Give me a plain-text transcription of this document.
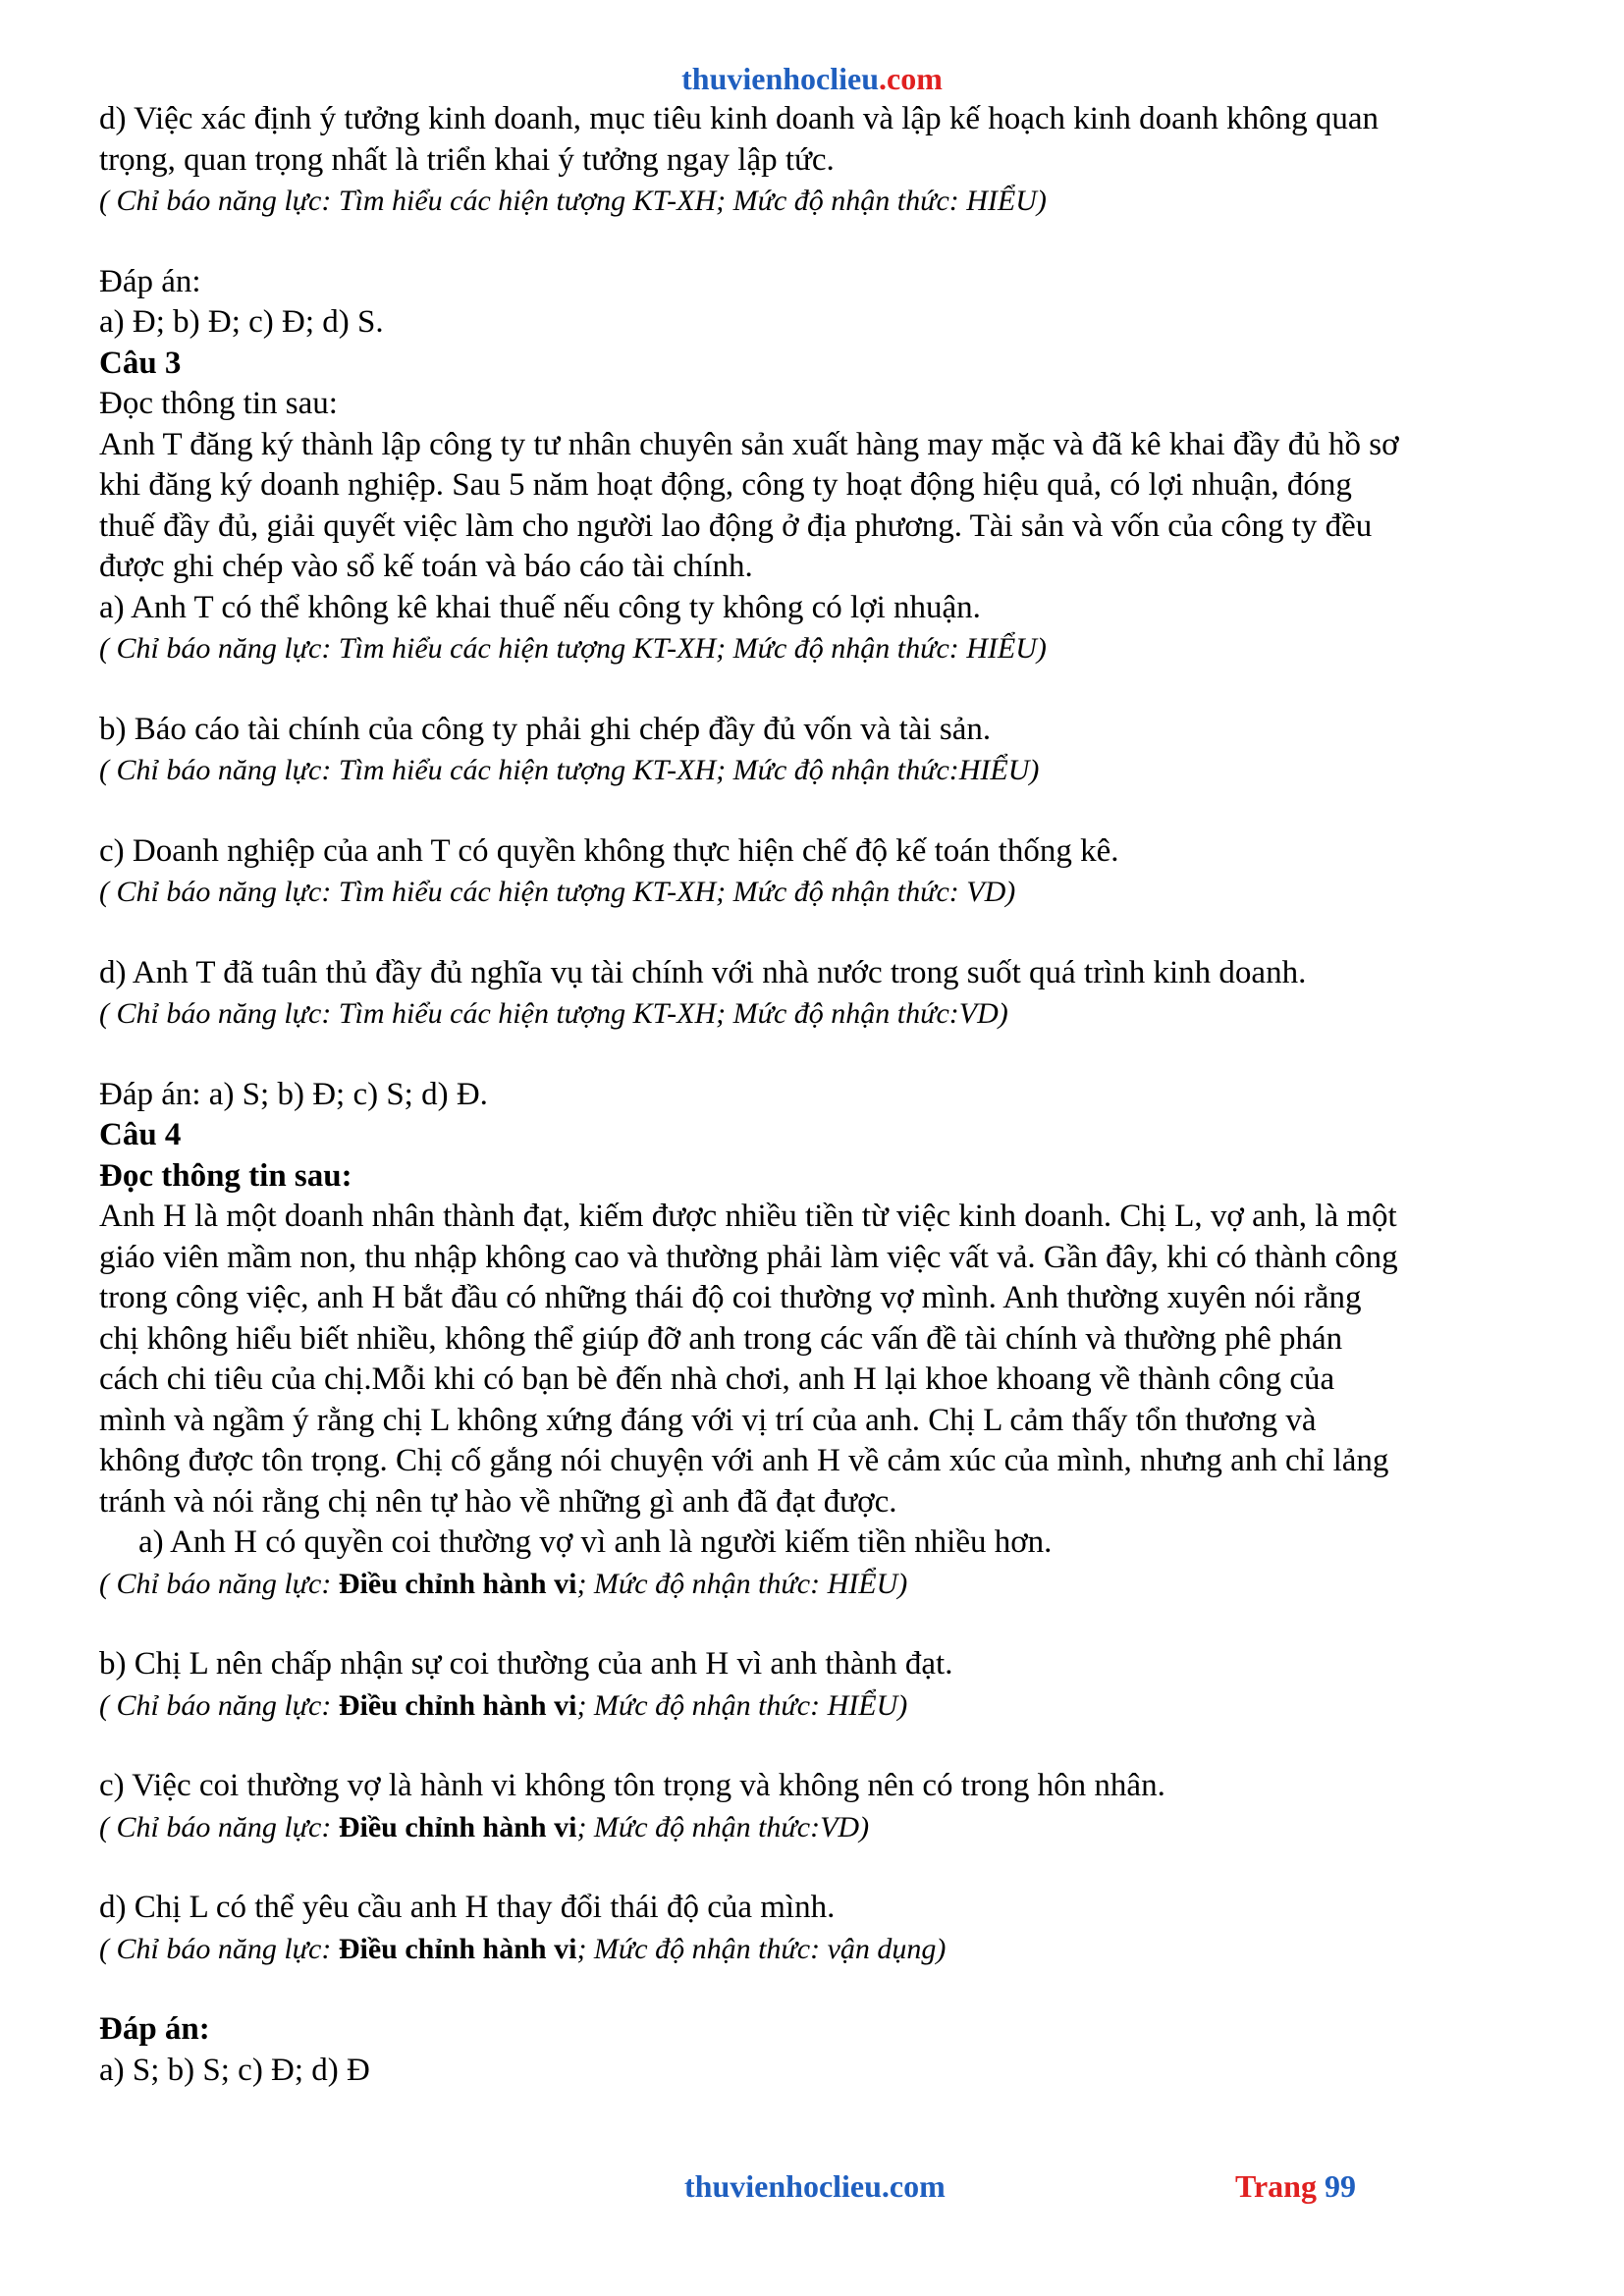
thuvienhoclieu.com
d) Việc xác định ý tưởng kinh doanh, mục tiêu kinh doanh và lập kế hoạch kinh doanh không quan
trọng, quan trọng nhất là triển khai ý tưởng ngay lập tức.
( Chỉ báo năng lực: Tìm hiểu các hiện tượng KT-XH; Mức độ nhận thức: HIỂU)
Đáp án:
a) Đ; b) Đ; c) Đ; d) S.
Câu 3
Đọc thông tin sau:
Anh T đăng ký thành lập công ty tư nhân chuyên sản xuất hàng may mặc và đã kê khai đầy đủ hồ sơ
khi đăng ký doanh nghiệp. Sau 5 năm hoạt động, công ty hoạt động hiệu quả, có lợi nhuận, đóng
thuế đầy đủ, giải quyết việc làm cho người lao động ở địa phương. Tài sản và vốn của công ty đều
được ghi chép vào sổ kế toán và báo cáo tài chính.
a) Anh T có thể không kê khai thuế nếu công ty không có lợi nhuận.
( Chỉ báo năng lực: Tìm hiểu các hiện tượng KT-XH; Mức độ nhận thức: HIỂU)
b) Báo cáo tài chính của công ty phải ghi chép đầy đủ vốn và tài sản.
( Chỉ báo năng lực: Tìm hiểu các hiện tượng KT-XH; Mức độ nhận thức:HIỂU)
c) Doanh nghiệp của anh T có quyền không thực hiện chế độ kế toán thống kê.
( Chỉ báo năng lực: Tìm hiểu các hiện tượng KT-XH; Mức độ nhận thức: VD)
d) Anh T đã tuân thủ đầy đủ nghĩa vụ tài chính với nhà nước trong suốt quá trình kinh doanh.
( Chỉ báo năng lực: Tìm hiểu các hiện tượng KT-XH; Mức độ nhận thức:VD)
Đáp án: a) S; b) Đ; c) S; d) Đ.
Câu 4
Đọc thông tin sau:
Anh H là một doanh nhân thành đạt, kiếm được nhiều tiền từ việc kinh doanh. Chị L, vợ anh, là một
giáo viên mầm non, thu nhập không cao và thường phải làm việc vất vả. Gần đây, khi có thành công
trong công việc, anh H bắt đầu có những thái độ coi thường vợ mình. Anh thường xuyên nói rằng
chị không hiểu biết nhiều, không thể giúp đỡ anh trong các vấn đề tài chính và thường phê phán
cách chi tiêu của chị.Mỗi khi có bạn bè đến nhà chơi, anh H lại khoe khoang về thành công của
mình và ngầm ý rằng chị L không xứng đáng với vị trí của anh. Chị L cảm thấy tổn thương và
không được tôn trọng. Chị cố gắng nói chuyện với anh H về cảm xúc của mình, nhưng anh chỉ lảng
tránh và nói rằng chị nên tự hào về những gì anh đã đạt được.
a) Anh H có quyền coi thường vợ vì anh là người kiếm tiền nhiều hơn.
( Chỉ báo năng lực: Điều chỉnh hành vi; Mức độ nhận thức: HIỂU)
b) Chị L nên chấp nhận sự coi thường của anh H vì anh thành đạt.
( Chỉ báo năng lực: Điều chỉnh hành vi; Mức độ nhận thức: HIỂU)
c) Việc coi thường vợ là hành vi không tôn trọng và không nên có trong hôn nhân.
( Chỉ báo năng lực: Điều chỉnh hành vi; Mức độ nhận thức:VD)
d) Chị L có thể yêu cầu anh H thay đổi thái độ của mình.
( Chỉ báo năng lực: Điều chỉnh hành vi; Mức độ nhận thức: vận dụng)
Đáp án:
a) S; b) S; c) Đ; d) Đ
thuvienhoclieu.com	Trang 99
